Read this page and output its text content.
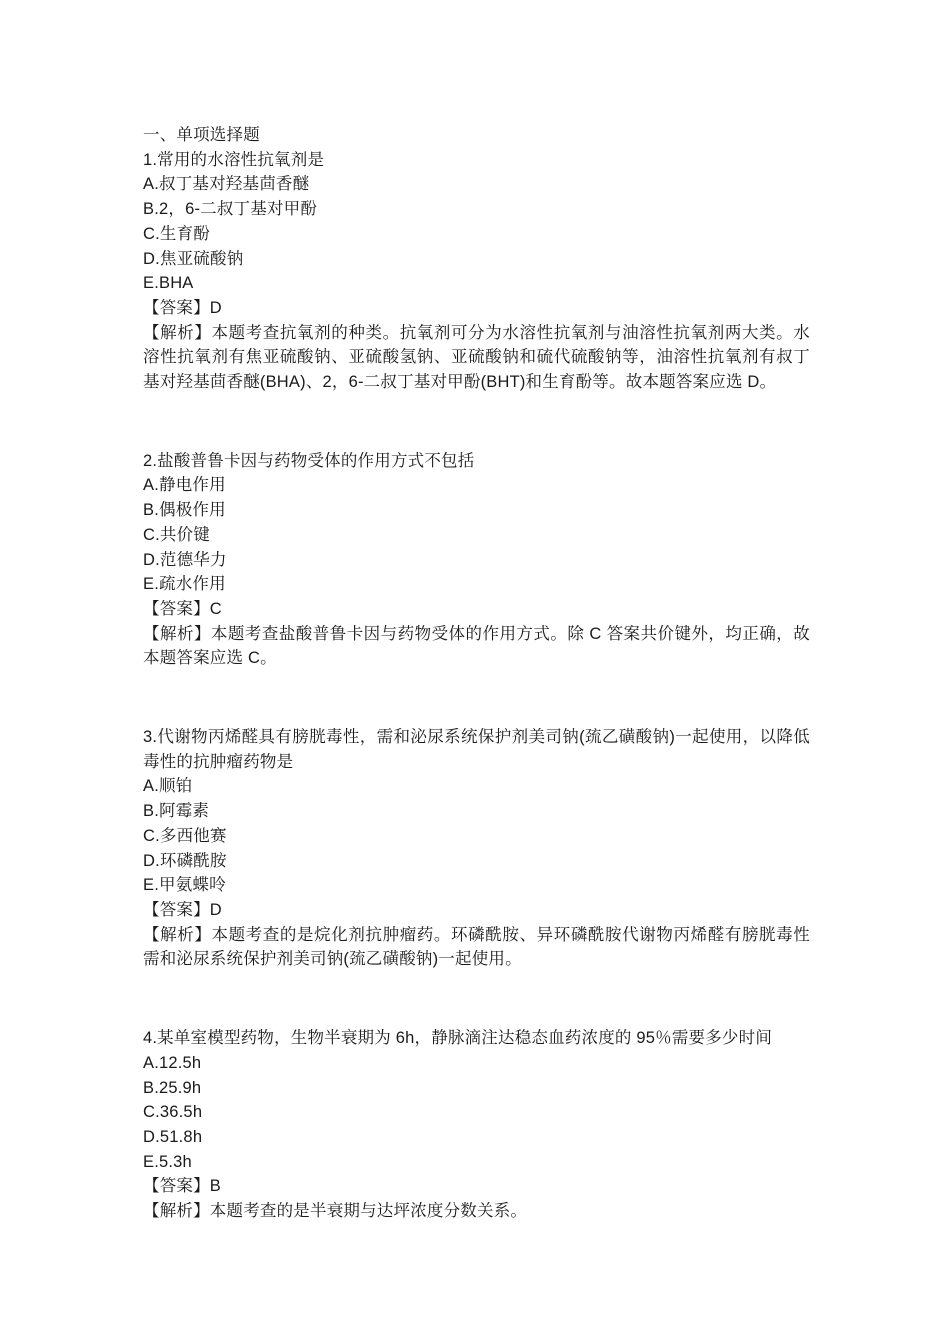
一、单项选择题

1.常用的水溶性抗氧剂是

A.叔丁基对羟基茴香醚

B.2，6-二叔丁基对甲酚

C.生育酚

D.焦亚硫酸钠

E.BHA

【答案】D

【解析】本题考查抗氧剂的种类。抗氧剂可分为水溶性抗氧剂与油溶性抗氧剂两大类。水溶性抗氧剂有焦亚硫酸钠、亚硫酸氢钠、亚硫酸钠和硫代硫酸钠等，油溶性抗氧剂有叔丁基对羟基茴香醚(BHA)、2，6-二叔丁基对甲酚(BHT)和生育酚等。故本题答案应选 D。

2.盐酸普鲁卡因与药物受体的作用方式不包括

A.静电作用

B.偶极作用

C.共价键

D.范德华力

E.疏水作用

【答案】C

【解析】本题考查盐酸普鲁卡因与药物受体的作用方式。除 C 答案共价键外，均正确，故本题答案应选 C。

3.代谢物丙烯醛具有膀胱毒性，需和泌尿系统保护剂美司钠(巯乙磺酸钠)一起使用，以降低毒性的抗肿瘤药物是

A.顺铂

B.阿霉素

C.多西他赛

D.环磷酰胺

E.甲氨蝶呤

【答案】D

【解析】本题考查的是烷化剂抗肿瘤药。环磷酰胺、异环磷酰胺代谢物丙烯醛有膀胱毒性需和泌尿系统保护剂美司钠(巯乙磺酸钠)一起使用。

4.某单室模型药物，生物半衰期为 6h，静脉滴注达稳态血药浓度的 95％需要多少时间

A.12.5h

B.25.9h

C.36.5h

D.51.8h

E.5.3h

【答案】B

【解析】本题考查的是半衰期与达坪浓度分数关系。
